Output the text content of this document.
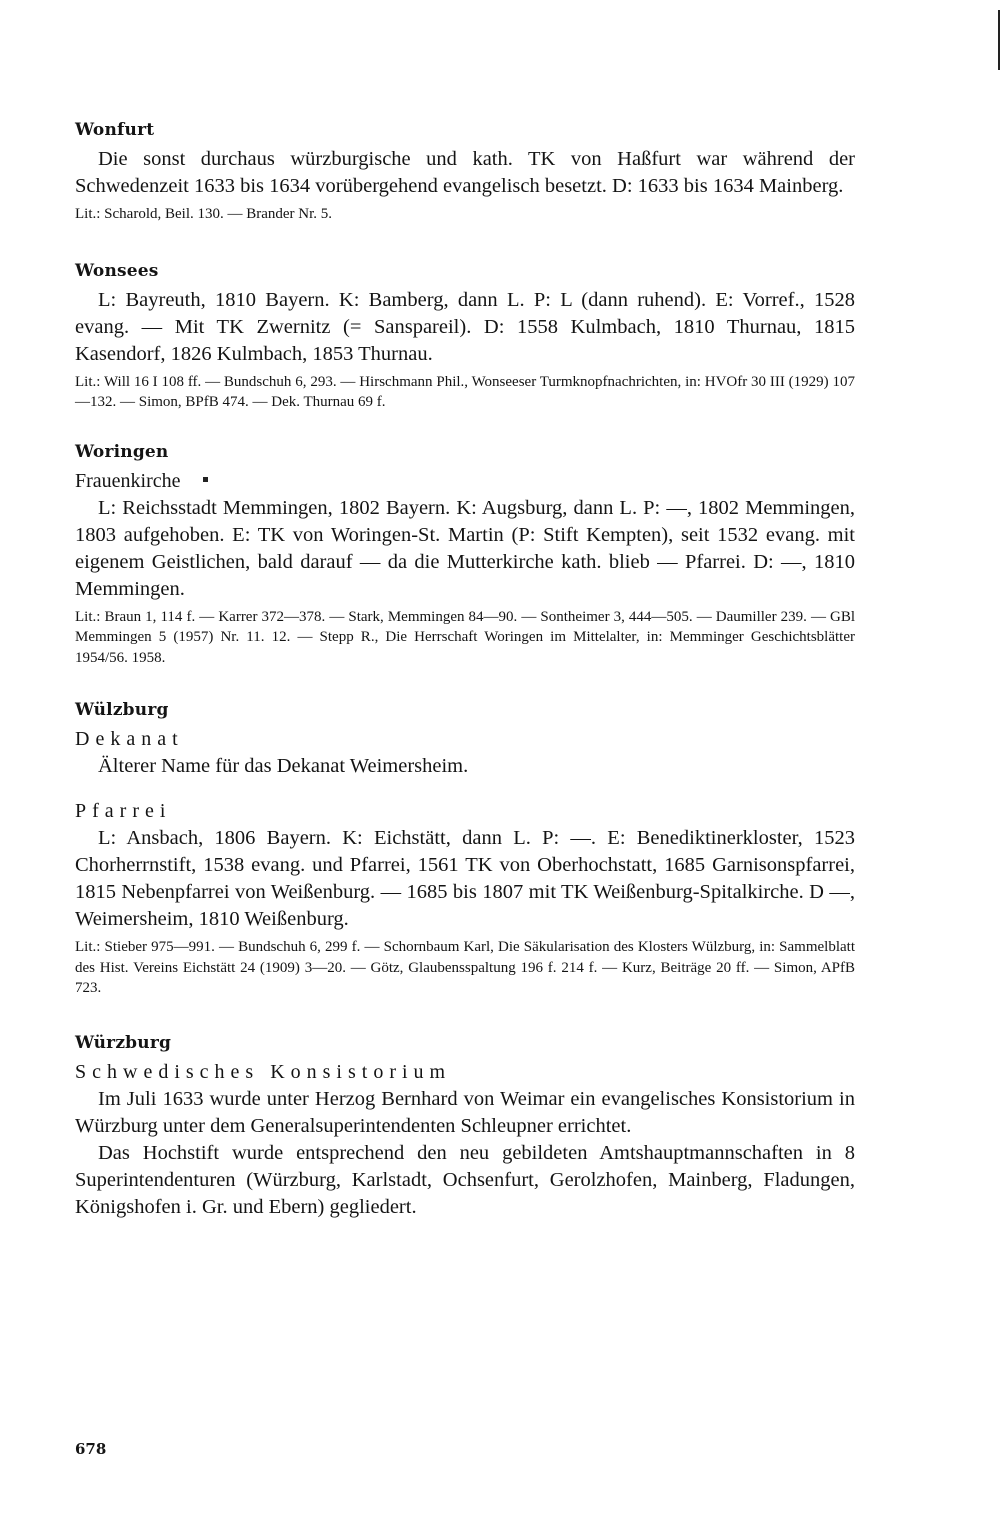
Wonfurt

Die sonst durchaus würzburgische und kath. TK von Haßfurt war während der Schwedenzeit 1633 bis 1634 vorübergehend evangelisch besetzt. D: 1633 bis 1634 Mainberg.

Lit.: Scharold, Beil. 130. — Brander Nr. 5.

Wonsees

L: Bayreuth, 1810 Bayern. K: Bamberg, dann L. P: L (dann ruhend). E: Vorref., 1528 evang. — Mit TK Zwernitz (= Sanspareil). D: 1558 Kulmbach, 1810 Thurnau, 1815 Kasendorf, 1826 Kulmbach, 1853 Thurnau.

Lit.: Will 16 I 108 ff. — Bundschuh 6, 293. — Hirschmann Phil., Wonseeser Turmknopfnachrichten, in: HVOfr 30 III (1929) 107—132. — Simon, BPfB 474. — Dek. Thurnau 69 f.

Woringen

Frauenkirche

L: Reichsstadt Memmingen, 1802 Bayern. K: Augsburg, dann L. P: —, 1802 Memmingen, 1803 aufgehoben. E: TK von Woringen-St. Martin (P: Stift Kempten), seit 1532 evang. mit eigenem Geistlichen, bald darauf — da die Mutterkirche kath. blieb — Pfarrei. D: —, 1810 Memmingen.

Lit.: Braun 1, 114 f. — Karrer 372—378. — Stark, Memmingen 84—90. — Sontheimer 3, 444—505. — Daumiller 239. — GBl Memmingen 5 (1957) Nr. 11. 12. — Stepp R., Die Herrschaft Woringen im Mittelalter, in: Memminger Geschichtsblätter 1954/56. 1958.

Wülzburg

Dekanat

Älterer Name für das Dekanat Weimersheim.

Pfarrei

L: Ansbach, 1806 Bayern. K: Eichstätt, dann L. P: —. E: Benediktinerkloster, 1523 Chorherrnstift, 1538 evang. und Pfarrei, 1561 TK von Oberhochstatt, 1685 Garnisonspfarrei, 1815 Nebenpfarrei von Weißenburg. — 1685 bis 1807 mit TK Weißenburg-Spitalkirche. D —, Weimersheim, 1810 Weißenburg.

Lit.: Stieber 975—991. — Bundschuh 6, 299 f. — Schornbaum Karl, Die Säkularisation des Klosters Wülzburg, in: Sammelblatt des Hist. Vereins Eichstätt 24 (1909) 3—20. — Götz, Glaubensspaltung 196 f. 214 f. — Kurz, Beiträge 20 ff. — Simon, APfB 723.

Würzburg

Schwedisches Konsistorium

Im Juli 1633 wurde unter Herzog Bernhard von Weimar ein evangelisches Konsistorium in Würzburg unter dem Generalsuperintendenten Schleupner errichtet.

Das Hochstift wurde entsprechend den neu gebildeten Amtshauptmannschaften in 8 Superintendenturen (Würzburg, Karlstadt, Ochsenfurt, Gerolzhofen, Mainberg, Fladungen, Königshofen i. Gr. und Ebern) gegliedert.

678
